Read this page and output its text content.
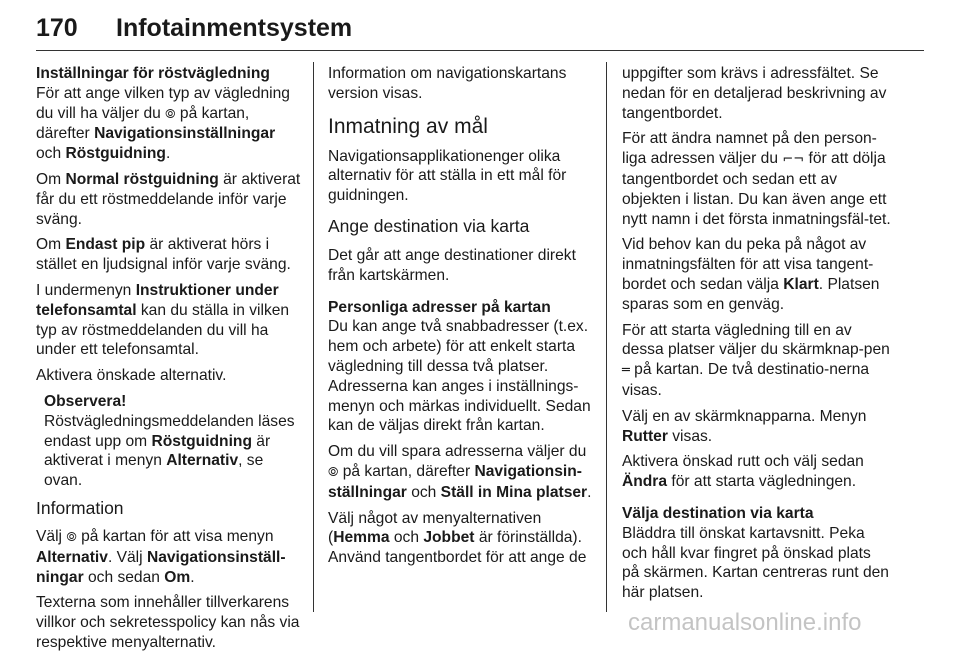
170 Infotainmentsystem

Inställningar för röstvägledning

För att ange vilken typ av vägledning du vill ha väljer du ⦾ på kartan, därefter Navigationsinställningar och Röstguidning.

Om Normal röstguidning är aktiverat får du ett röstmeddelande inför varje sväng.

Om Endast pip är aktiverat hörs i stället en ljudsignal inför varje sväng.

I undermenyn Instruktioner under telefonsamtal kan du ställa in vilken typ av röstmeddelanden du vill ha under ett telefonsamtal.

Aktivera önskade alternativ.

Observera!
Röstvägledningsmeddelanden läses endast upp om Röstguidning är aktiverat i menyn Alternativ, se ovan.
Information

Välj ⦾ på kartan för att visa menyn Alternativ. Välj Navigationsinställ-ningar och sedan Om.

Texterna som innehåller tillverkarens villkor och sekretesspolicy kan nås via respektive menyalternativ.

Information om navigationskartans version visas.

Inmatning av mål

Navigationsapplikationenger olika alternativ för att ställa in ett mål för guidningen.

Ange destination via karta

Det går att ange destinationer direkt från kartskärmen.

Personliga adresser på kartan

Du kan ange två snabbadresser (t.ex. hem och arbete) för att enkelt starta vägledning till dessa två platser. Adresserna kan anges i inställnings-menyn och märkas individuellt. Sedan kan de väljas direkt från kartan.

Om du vill spara adresserna väljer du ⦾ på kartan, därefter Navigationsin-ställningar och Ställ in Mina platser.

Välj något av menyalternativen (Hemma och Jobbet är förinställda). Använd tangentbordet för att ange de

uppgifter som krävs i adressfältet. Se nedan för en detaljerad beskrivning av tangentbordet.

För att ändra namnet på den person-liga adressen väljer du ⌐¬ för att dölja tangentbordet och sedan ett av objekten i listan. Du kan även ange ett nytt namn i det första inmatningsfäl-tet.

Vid behov kan du peka på något av inmatningsfälten för att visa tangent-bordet och sedan välja Klart. Platsen sparas som en genväg.

För att starta vägledning till en av dessa platser väljer du skärmknap-pen ═ på kartan. De två destinatio-nerna visas.

Välj en av skärmknapparna. Menyn Rutter visas.

Aktivera önskad rutt och välj sedan Ändra för att starta vägledningen.

Välja destination via karta

Bläddra till önskat kartavsnitt. Peka och håll kvar fingret på önskad plats på skärmen. Kartan centreras runt den här platsen.

carmanualsonline.info
